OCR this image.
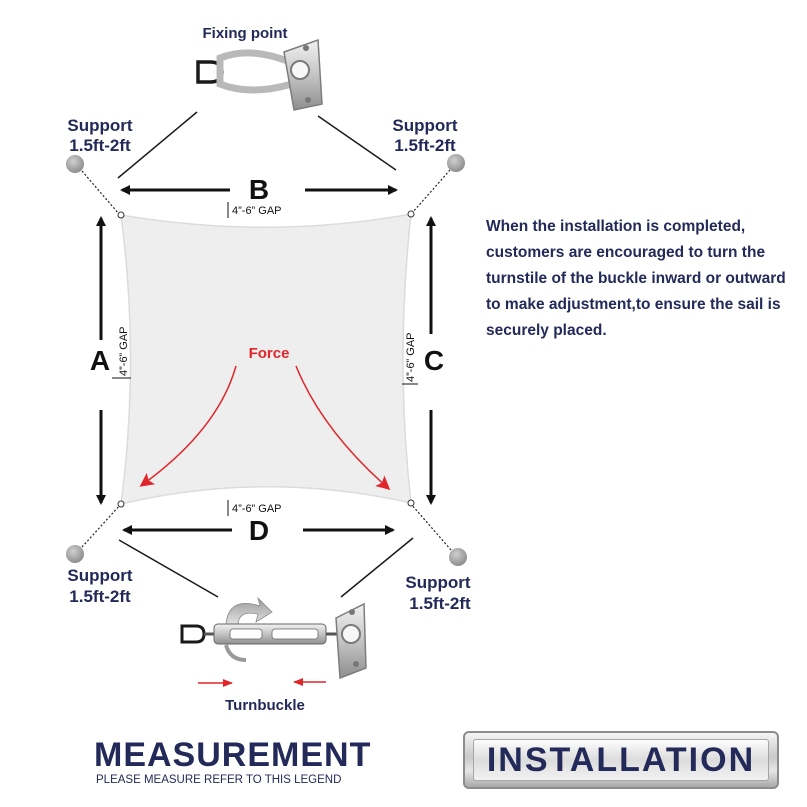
Fixing point
Support
1.5ft-2ft
Support
1.5ft-2ft
Support
1.5ft-2ft
Support
1.5ft-2ft
B
4”-6” GAP
A 4”-6” GAP	C
4”-6” GAP
4”-6” GAP
D
Force
Turnbuckle
When the installation is completed,
customers are encouraged to turn the
turnstile of the buckle inward or outward
to make adjustment,to ensure the sail is
securely placed.
MEASUREMENT
PLEASE MEASURE REFER TO THIS LEGEND
INSTALLATION
